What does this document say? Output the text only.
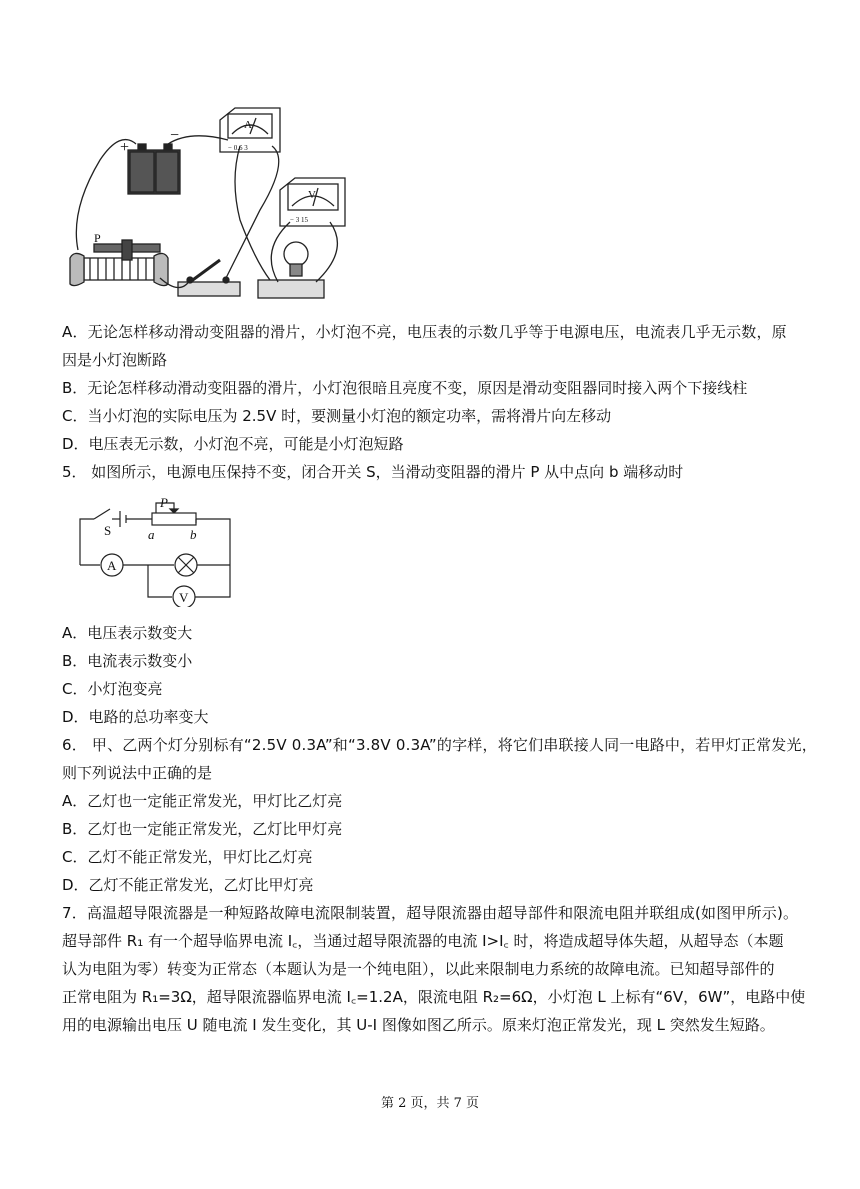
+
−
A
− 0.6 3
V
− 3 15
P
A．无论怎样移动滑动变阻器的滑片，小灯泡不亮，电压表的示数几乎等于电源电压，电流表几乎无示数，原
因是小灯泡断路
B．无论怎样移动滑动变阻器的滑片，小灯泡很暗且亮度不变，原因是滑动变阻器同时接入两个下接线柱
C．当小灯泡的实际电压为 2.5V 时，要测量小灯泡的额定功率，需将滑片向左移动
D．电压表无示数，小灯泡不亮，可能是小灯泡短路
5． 如图所示，电源电压保持不变，闭合开关 S，当滑动变阻器的滑片 P 从中点向 b 端移动时
S
P
a	b
A
V
A．电压表示数变大
B．电流表示数变小
C．小灯泡变亮
D．电路的总功率变大
6． 甲、乙两个灯分别标有“2.5V 0.3A”和“3.8V 0.3A”的字样，将它们串联接人同一电路中，若甲灯正常发光，
则下列说法中正确的是
A．乙灯也一定能正常发光，甲灯比乙灯亮
B．乙灯也一定能正常发光，乙灯比甲灯亮
C．乙灯不能正常发光，甲灯比乙灯亮
D．乙灯不能正常发光，乙灯比甲灯亮
7．高温超导限流器是一种短路故障电流限制装置，超导限流器由超导部件和限流电阻并联组成(如图甲所示)。
超导部件 R₁ 有一个超导临界电流 I꜀，当通过超导限流器的电流 I>I꜀ 时，将造成超导体失超，从超导态（本题
认为电阻为零）转变为正常态（本题认为是一个纯电阻），以此来限制电力系统的故障电流。已知超导部件的
正常电阻为 R₁=3Ω，超导限流器临界电流 I꜀=1.2A，限流电阻 R₂=6Ω，小灯泡 L 上标有“6V，6W”，电路中使
用的电源输出电压 U 随电流 I 发生变化，其 U-I 图像如图乙所示。原来灯泡正常发光，现 L 突然发生短路。
第 2 页，共 7 页
